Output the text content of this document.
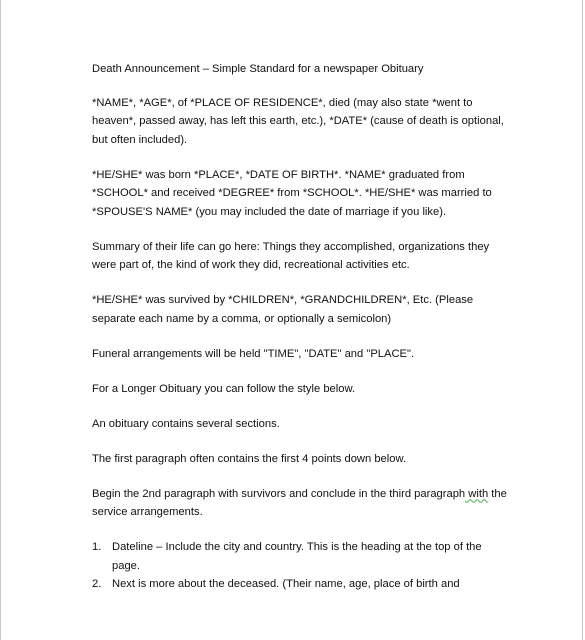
Death Announcement – Simple Standard for a newspaper Obituary

*NAME*, *AGE*, of *PLACE OF RESIDENCE*, died (may also state *went to heaven*, passed away, has left this earth, etc.), *DATE* (cause of death is optional, but often included).

*HE/SHE* was born *PLACE*, *DATE OF BIRTH*. *NAME* graduated from *SCHOOL* and received *DEGREE* from *SCHOOL*. *HE/SHE* was married to *SPOUSE'S NAME* (you may included the date of marriage if you like).

Summary of their life can go here: Things they accomplished, organizations they were part of, the kind of work they did, recreational activities etc.

*HE/SHE* was survived by *CHILDREN*, *GRANDCHILDREN*, Etc. (Please separate each name by a comma, or optionally a semicolon)

Funeral arrangements will be held "TIME", "DATE" and "PLACE".

For a Longer Obituary you can follow the style below.

An obituary contains several sections.

The first paragraph often contains the first 4 points down below.

Begin the 2nd paragraph with survivors and conclude in the third paragraph with the service arrangements.

1. Dateline – Include the city and country. This is the heading at the top of the page.
2. Next is more about the deceased. (Their name, age, place of birth and
